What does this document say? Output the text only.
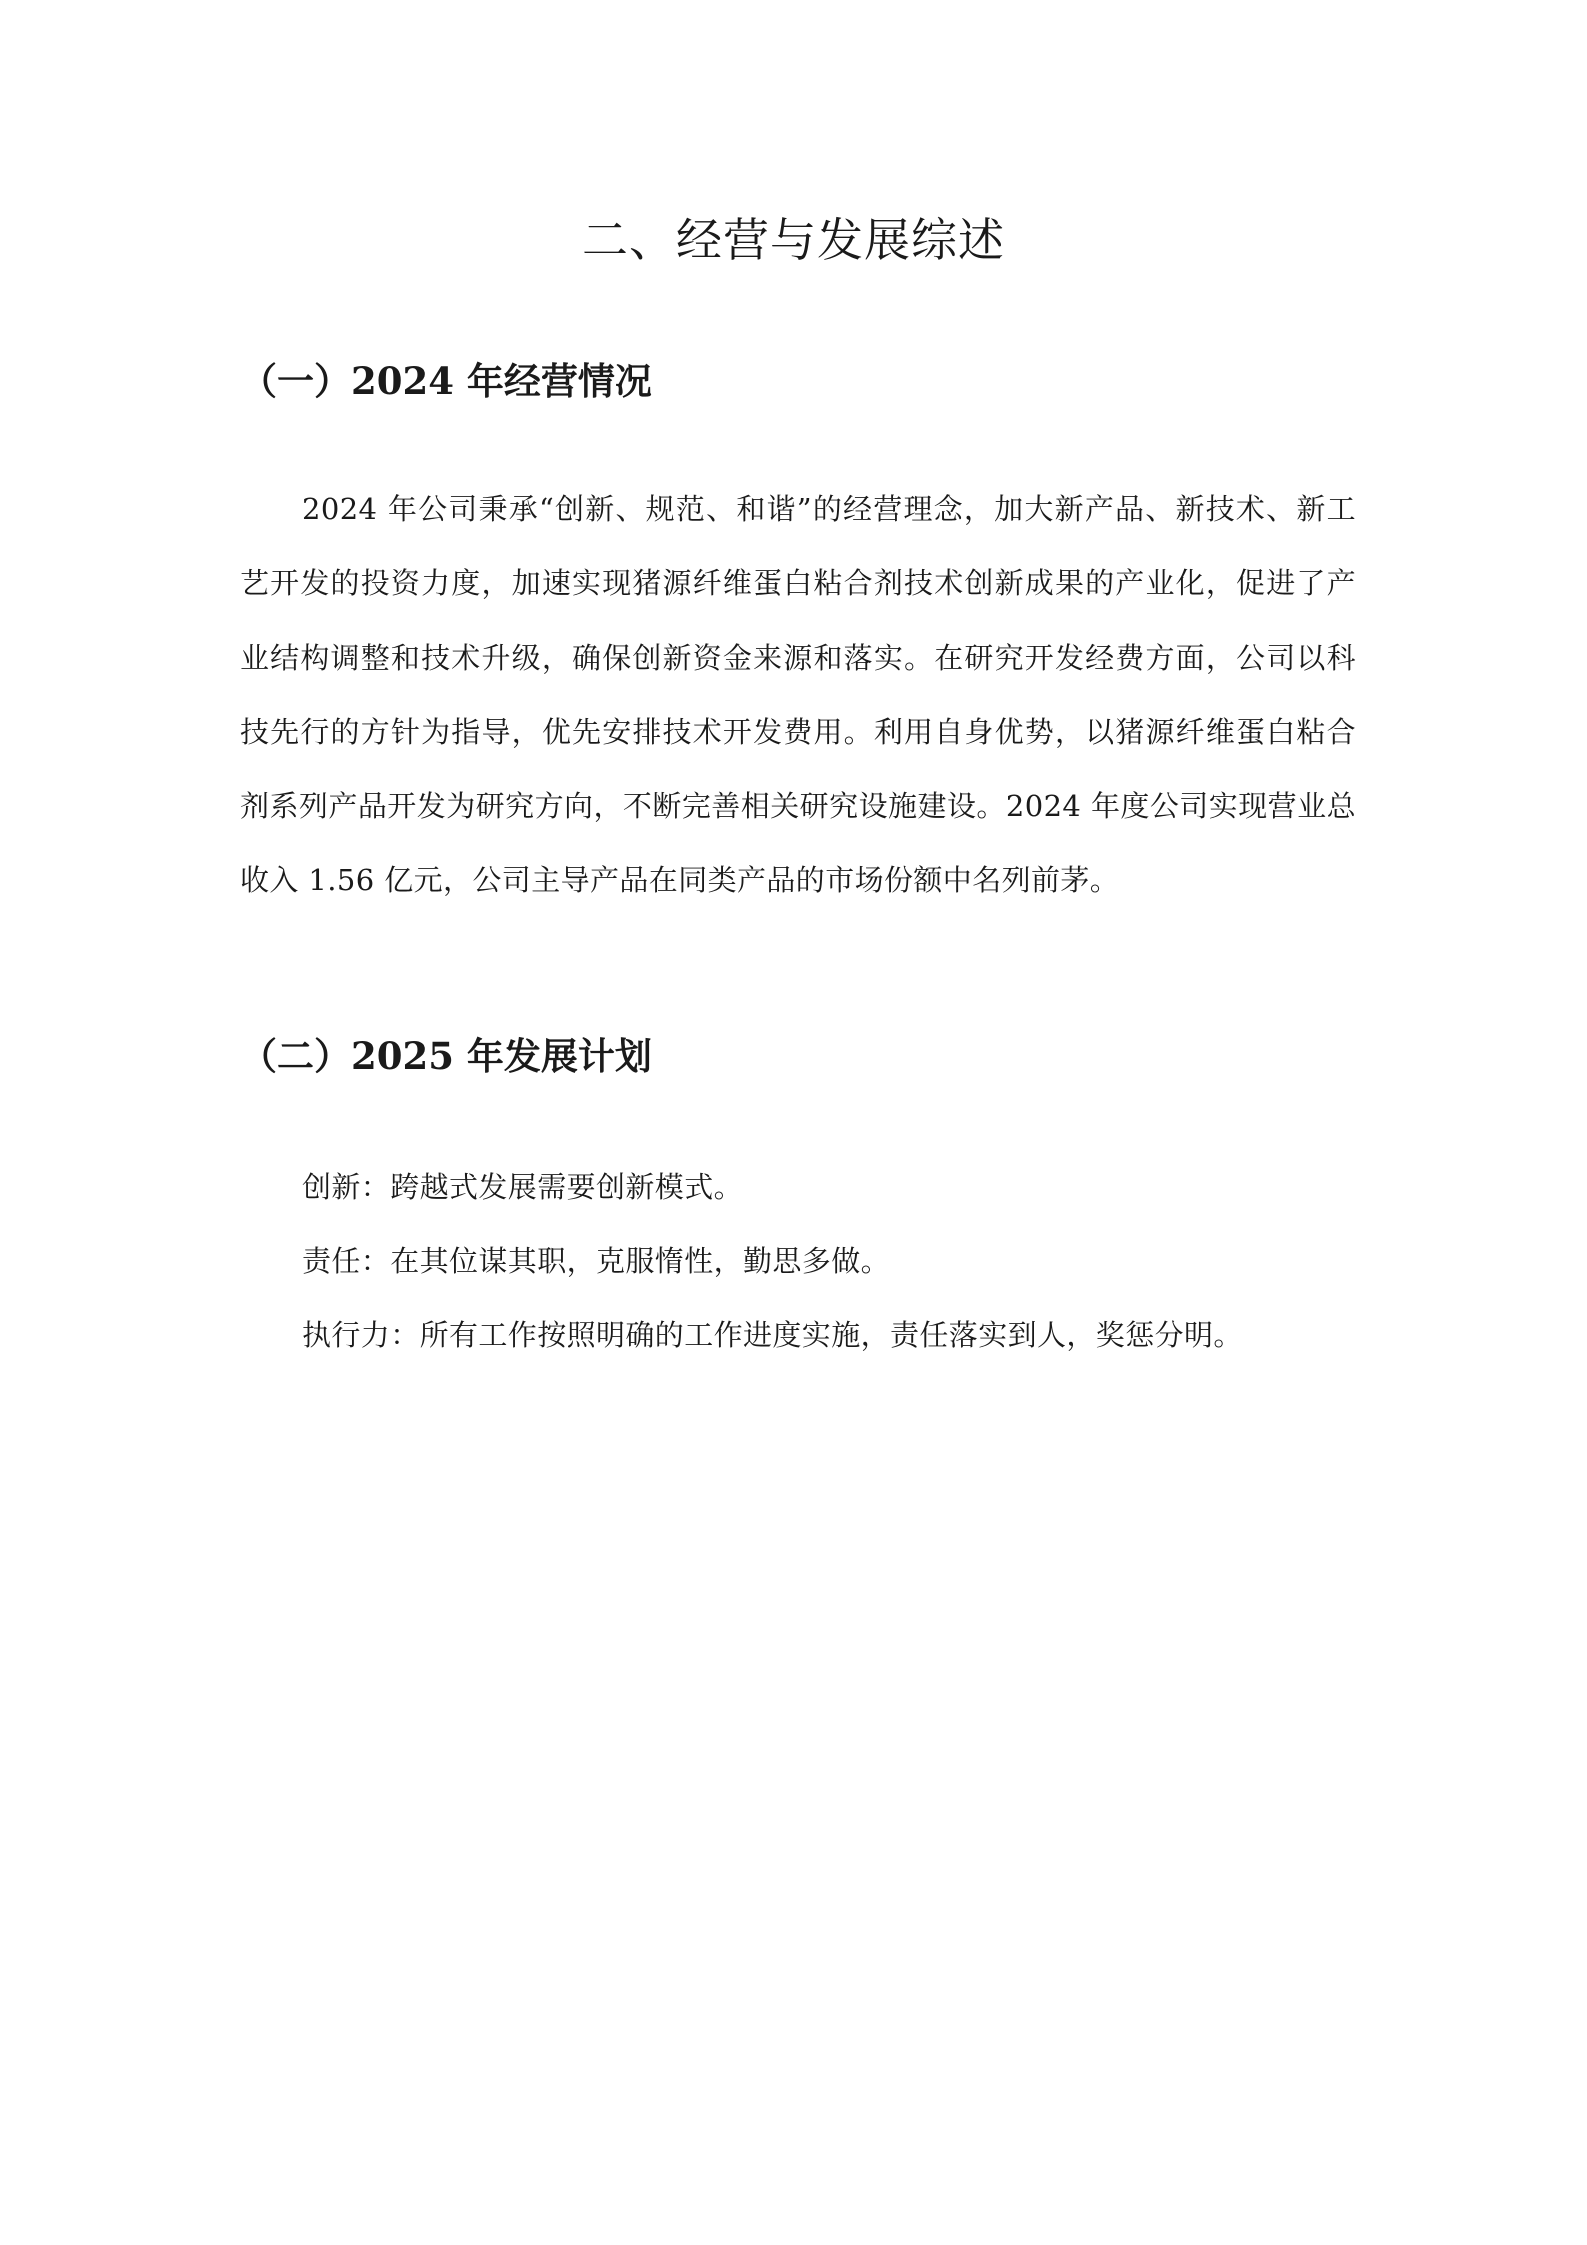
二、经营与发展综述
（一）2024 年经营情况

2024 年公司秉承“创新、规范、和谐”的经营理念，加大新产品、新技术、新工艺开发的投资力度，加速实现猪源纤维蛋白粘合剂技术创新成果的产业化，促进了产业结构调整和技术升级，确保创新资金来源和落实。在研究开发经费方面，公司以科技先行的方针为指导，优先安排技术开发费用。利用自身优势，以猪源纤维蛋白粘合剂系列产品开发为研究方向，不断完善相关研究设施建设。2024 年度公司实现营业总收入 1.56 亿元，公司主导产品在同类产品的市场份额中名列前茅。

（二）2025 年发展计划
创新：跨越式发展需要创新模式。
责任：在其位谋其职，克服惰性，勤思多做。
执行力：所有工作按照明确的工作进度实施，责任落实到人，奖惩分明。
